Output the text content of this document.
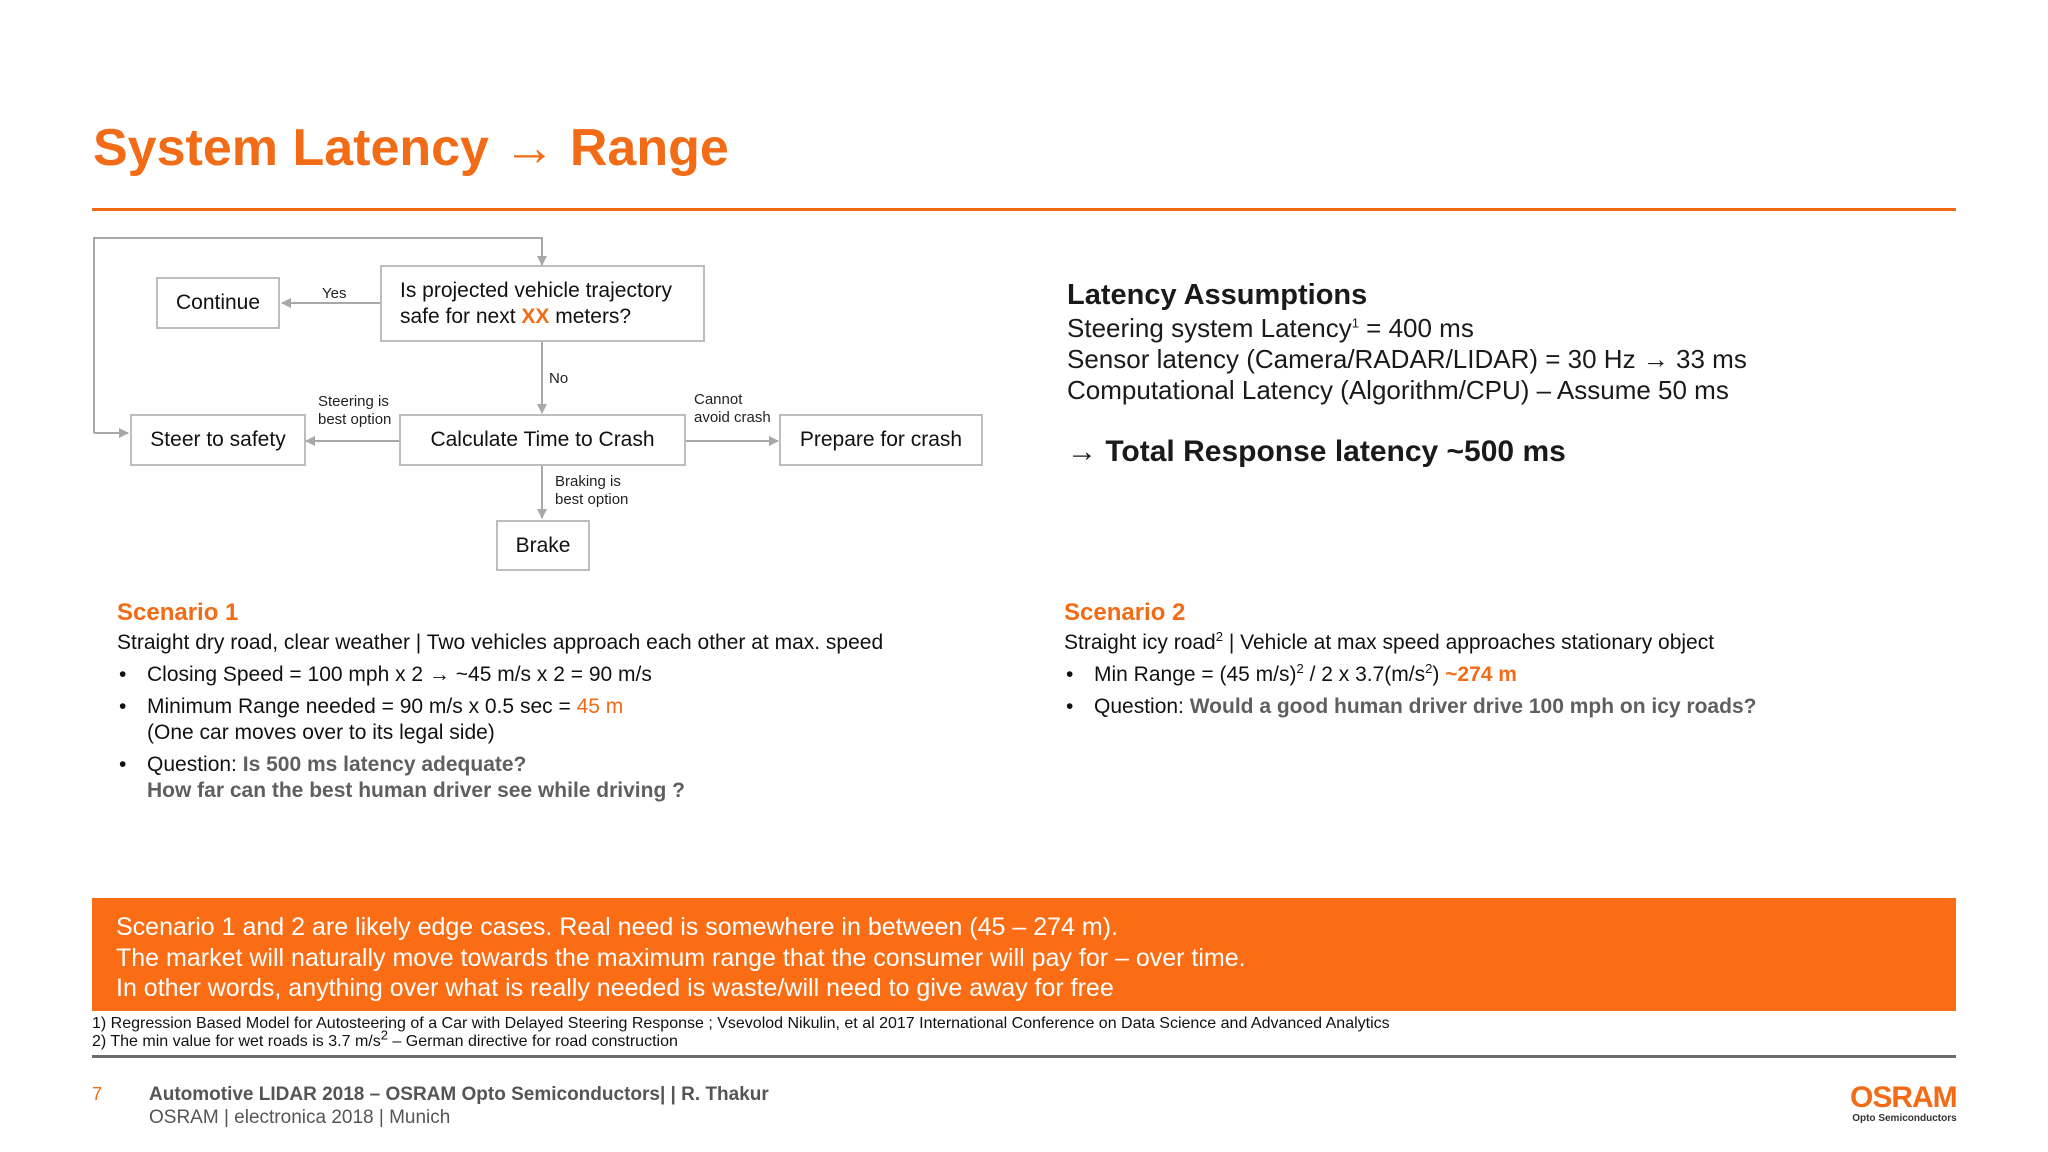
System Latency → Range
Continue
Is projected vehicle trajectory
safe for next XX meters?
Steer to safety	Calculate Time to Crash	Prepare for crash
Brake
Yes
No
Steering is
best option
Cannot
avoid crash
Braking is
best option
Latency Assumptions
Steering system Latency$^1$ = 400 ms
Sensor latency (Camera/RADAR/LIDAR) = 30 Hz → 33 ms
Computational Latency (Algorithm/CPU) – Assume 50 ms
→ Total Response latency ~500 ms
Scenario 1
Straight dry road, clear weather | Two vehicles approach each other at max. speed
• Closing Speed = 100 mph x 2 → ~45 m/s x 2 = 90 m/s
• Minimum Range needed = 90 m/s x 0.5 sec = 45 m
(One car moves over to its legal side)
• Question: Is 500 ms latency adequate?
How far can the best human driver see while driving ?
Scenario 2
Straight icy road$^2$ | Vehicle at max speed approaches stationary object
• Min Range = (45 m/s)$^2$ / 2 x $3.7(m/s^2)$ ~274 m
• Question: Would a good human driver drive 100 mph on icy roads?
Scenario 1 and 2 are likely edge cases. Real need is somewhere in between (45 – 274 m).
The market will naturally move towards the maximum range that the consumer will pay for – over time.
In other words, anything over what is really needed is waste/will need to give away for free
1) Regression Based Model for Autosteering of a Car with Delayed Steering Response ; Vsevolod Nikulin, et al 2017 International Conference on Data Science and Advanced Analytics
2) The min value for wet roads is 3.7 $m/s^2$ – German directive for road construction
7 Automotive LIDAR 2018 – OSRAM Opto Semiconductors| | R. Thakur
OSRAM | electronica 2018 | Munich
OSRAM
Opto Semiconductors
